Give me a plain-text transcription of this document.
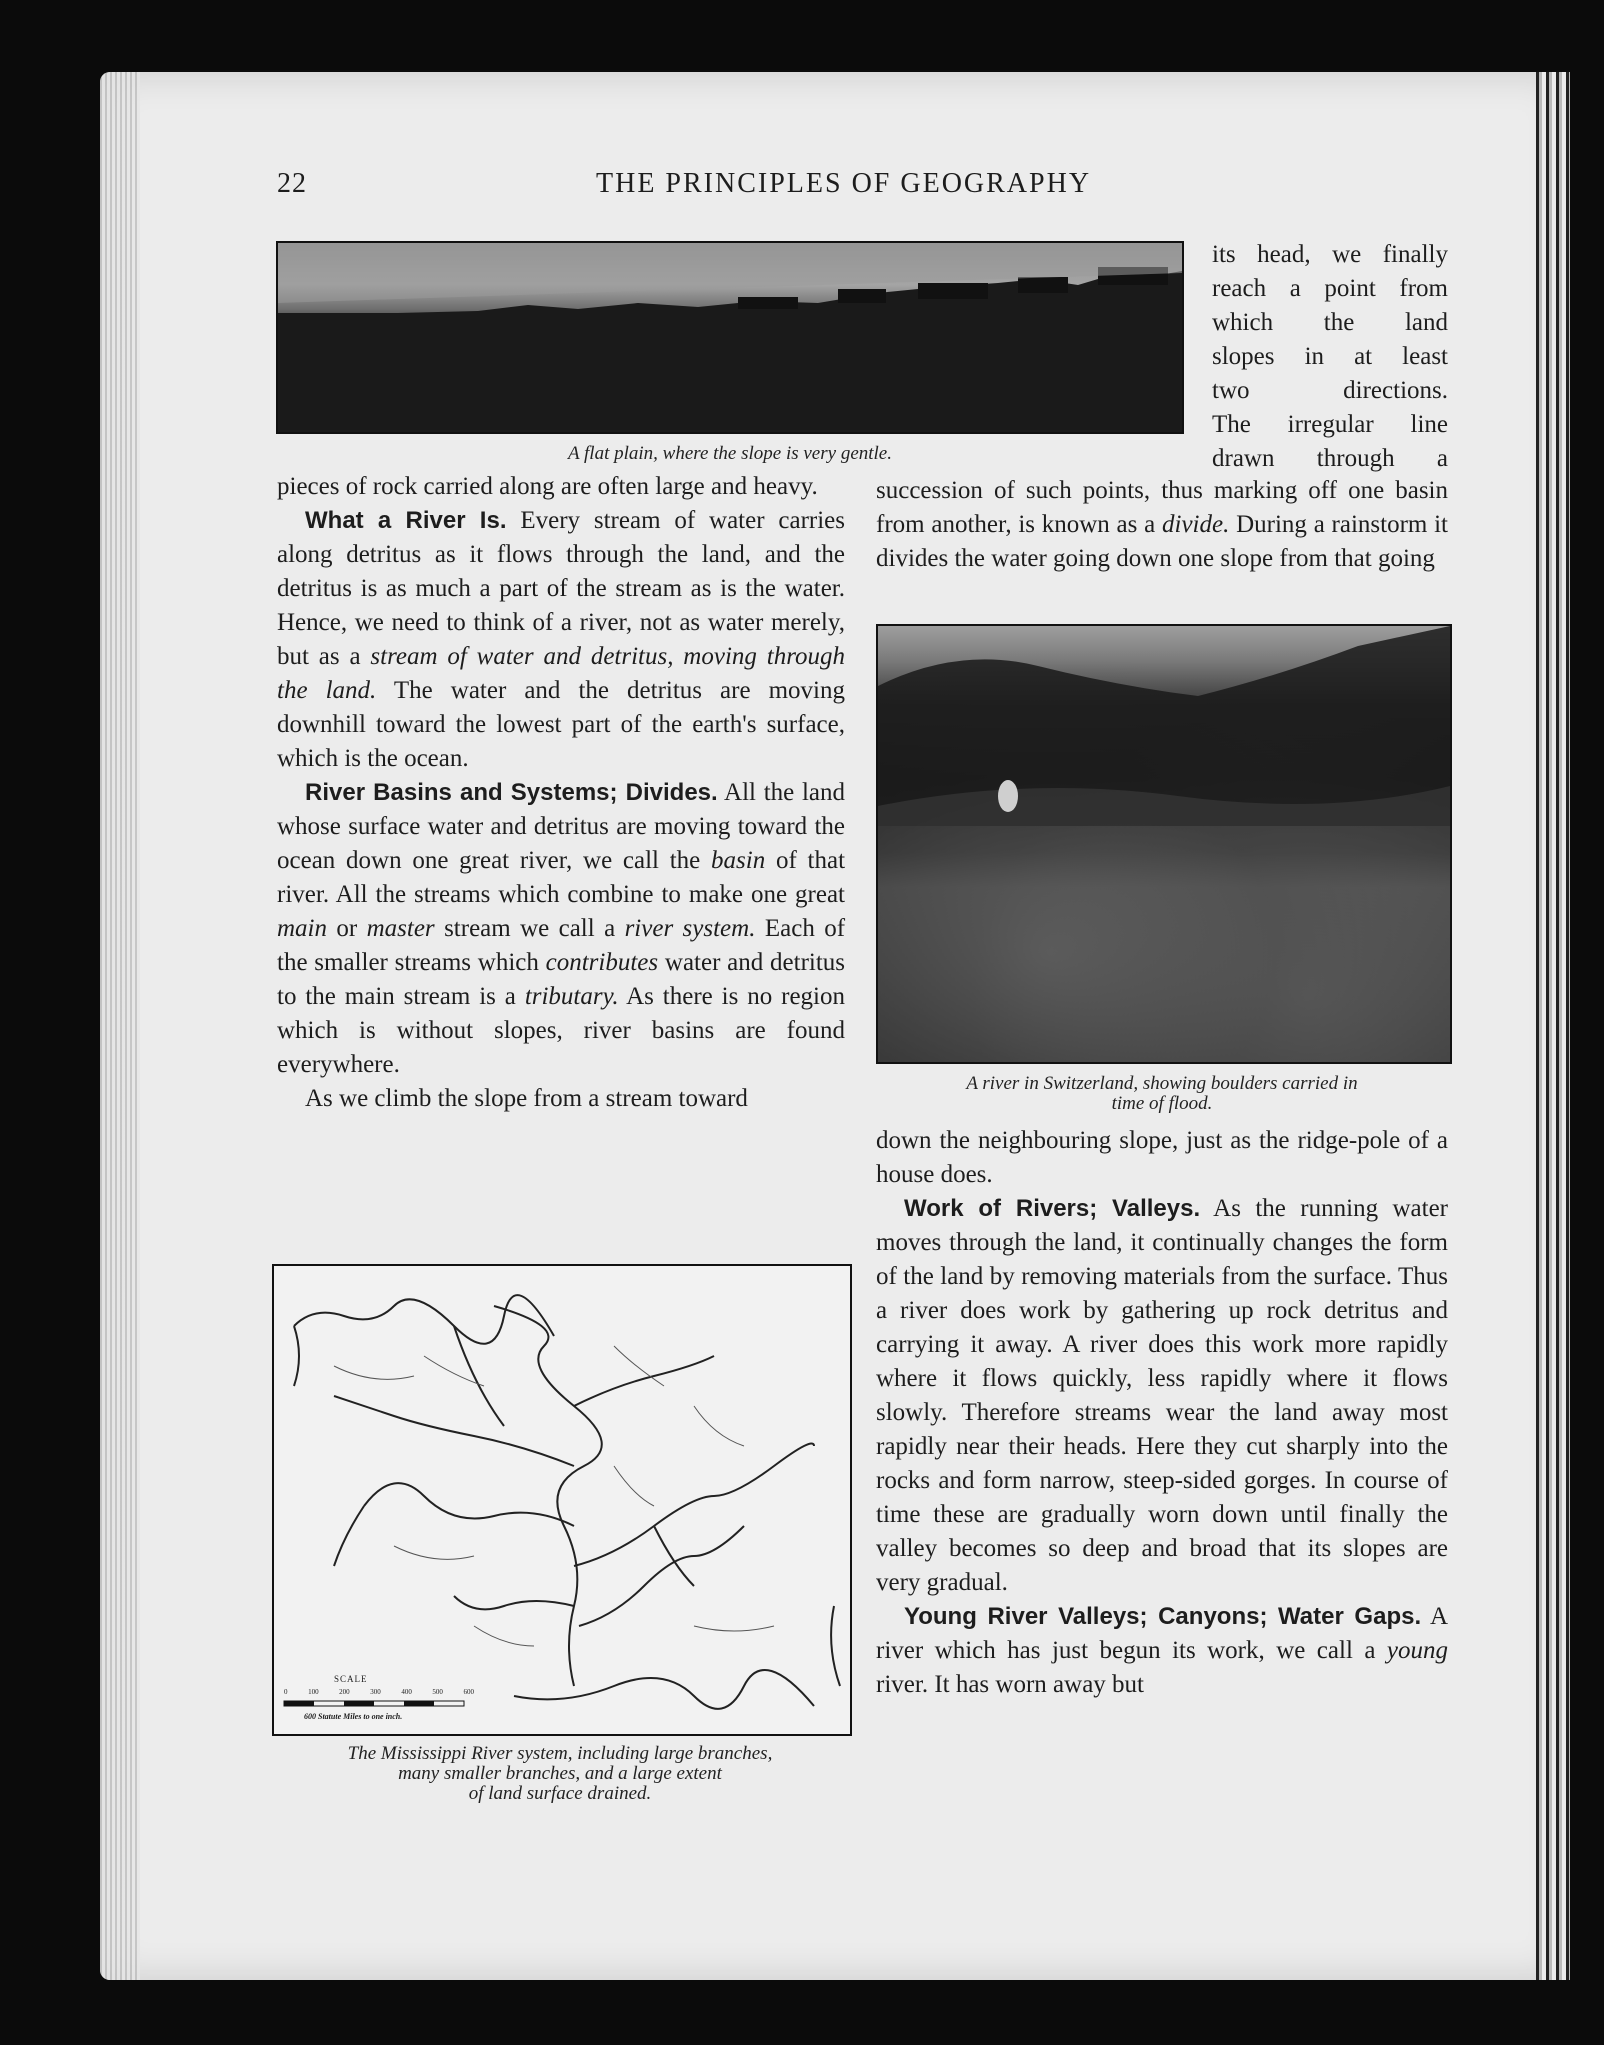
22	THE PRINCIPLES OF GEOGRAPHY
A flat plain, where the slope is very gentle.
its head, we finally
reach a point from
which the land
slopes in at least
two directions.
The irregular line
drawn through a
succession of such points, thus marking off one basin from another, is known as a divide. During a rainstorm it divides the water going down one slope from that going

pieces of rock carried along are often large and heavy.

What a River Is. Every stream of water carries along detritus as it flows through the land, and the detritus is as much a part of the stream as is the water. Hence, we need to think of a river, not as water merely, but as a stream of water and detritus, moving through the land. The water and the detritus are moving downhill toward the lowest part of the earth's surface, which is the ocean.

River Basins and Systems; Divides. All the land whose surface water and detritus are moving toward the ocean down one great river, we call the basin of that river. All the streams which combine to make one great main or master stream we call a river system. Each of the smaller streams which contributes water and detritus to the main stream is a tributary. As there is no region which is without slopes, river basins are found everywhere.

As we climb the slope from a stream toward

A river in Switzerland, showing boulders carried in
time of flood.

down the neighbouring slope, just as the ridge-pole of a house does.

Work of Rivers; Valleys. As the running water moves through the land, it continually changes the form of the land by removing materials from the surface. Thus a river does work by gathering up rock detritus and carrying it away. A river does this work more rapidly where it flows quickly, less rapidly where it flows slowly. Therefore streams wear the land away most rapidly near their heads. Here they cut sharply into the rocks and form narrow, steep-sided gorges. In course of time these are gradually worn down until finally the valley becomes so deep and broad that its slopes are very gradual.

Young River Valleys; Canyons; Water Gaps. A river which has just begun its work, we call a young river. It has worn away but

SCALE
0	100	200	300	400	500	600
600 Statute Miles to one inch.
The Mississippi River system, including large branches,
many smaller branches, and a large extent
of land surface drained.
